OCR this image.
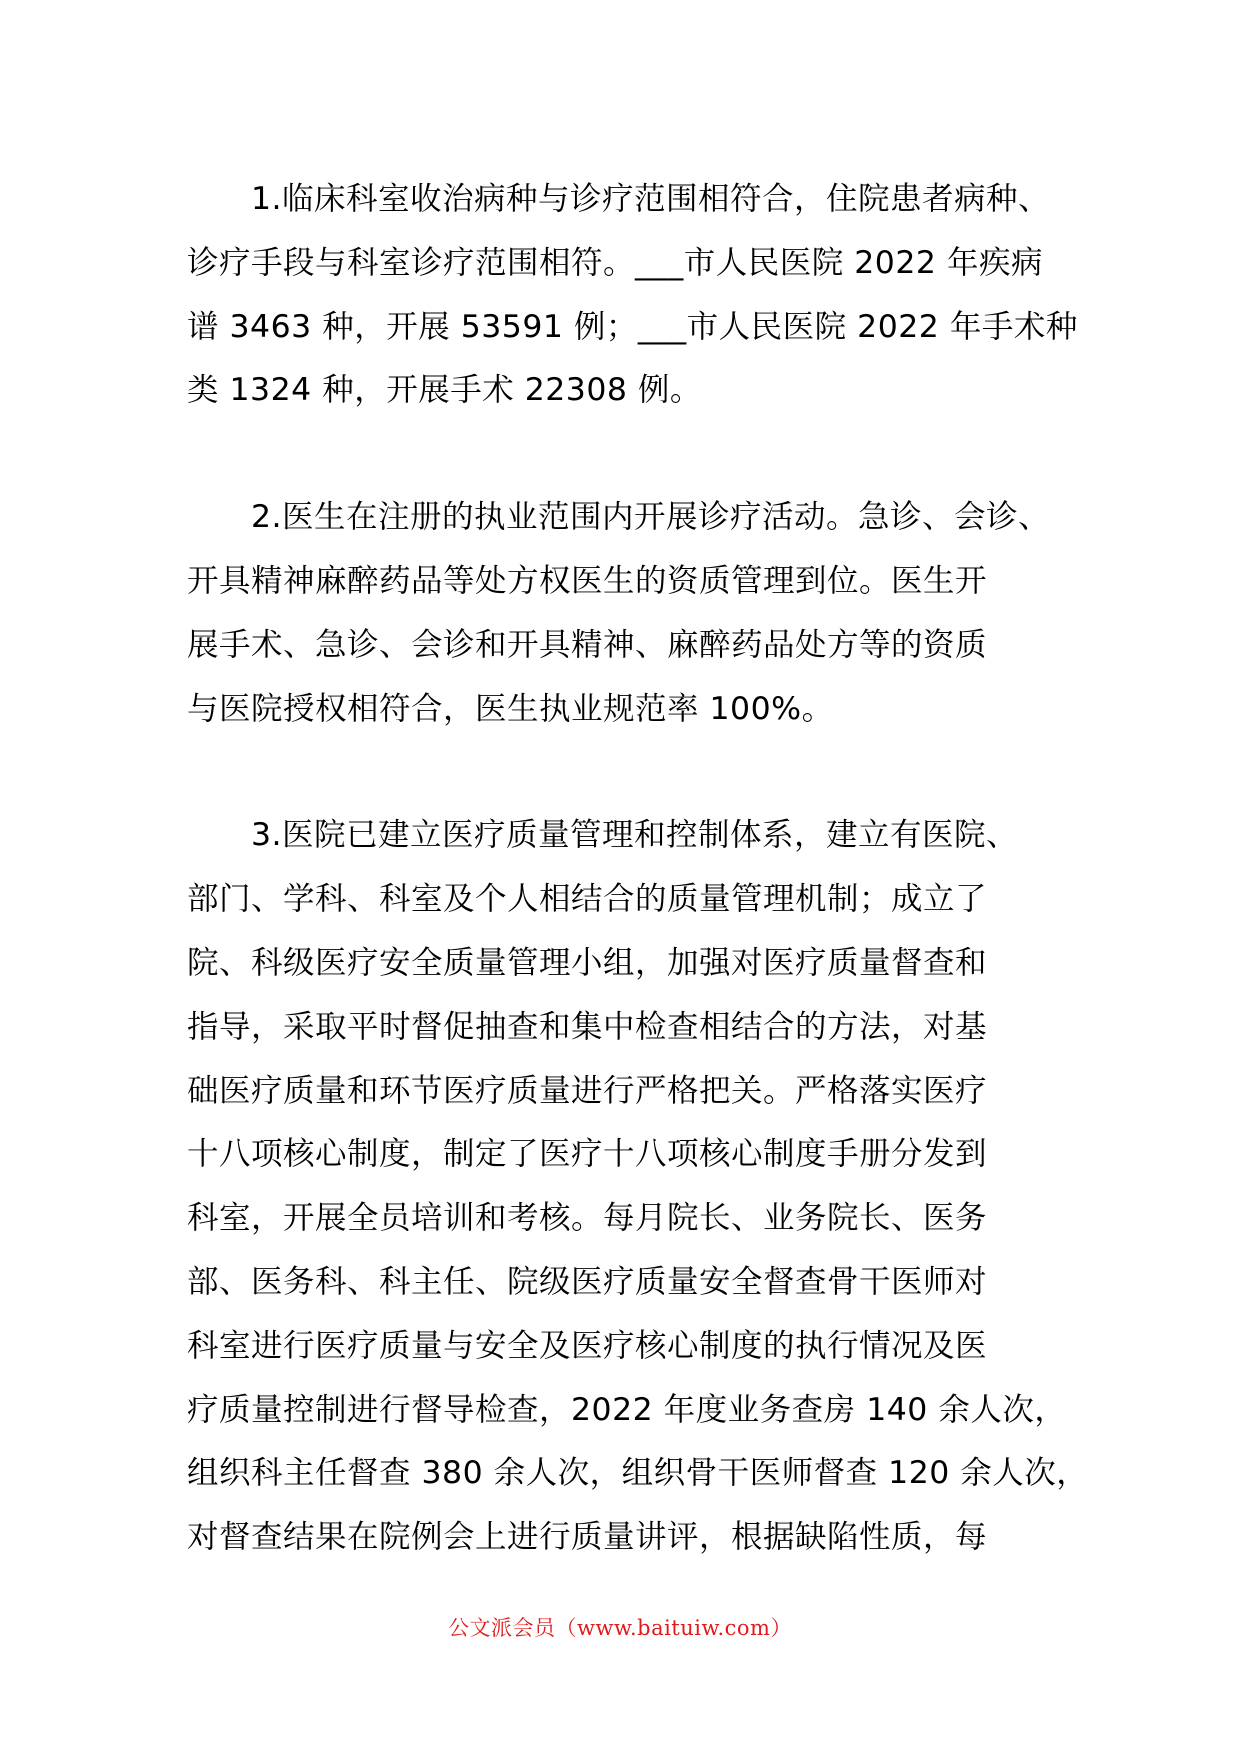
1.临床科室收治病种与诊疗范围相符合，住院患者病种、
诊疗手段与科室诊疗范围相符。___市人民医院 2022 年疾病
谱 3463 种，开展 53591 例；___市人民医院 2022 年手术种
类 1324 种，开展手术 22308 例。

2.医生在注册的执业范围内开展诊疗活动。急诊、会诊、
开具精神麻醉药品等处方权医生的资质管理到位。医生开
展手术、急诊、会诊和开具精神、麻醉药品处方等的资质
与医院授权相符合，医生执业规范率 100%。

3.医院已建立医疗质量管理和控制体系，建立有医院、
部门、学科、科室及个人相结合的质量管理机制；成立了
院、科级医疗安全质量管理小组，加强对医疗质量督查和
指导，采取平时督促抽查和集中检查相结合的方法，对基
础医疗质量和环节医疗质量进行严格把关。严格落实医疗
十八项核心制度，制定了医疗十八项核心制度手册分发到
科室，开展全员培训和考核。每月院长、业务院长、医务
部、医务科、科主任、院级医疗质量安全督查骨干医师对
科室进行医疗质量与安全及医疗核心制度的执行情况及医
疗质量控制进行督导检查，2022 年度业务查房 140 余人次，
组织科主任督查 380 余人次，组织骨干医师督查 120 余人次，
对督查结果在院例会上进行质量讲评，根据缺陷性质，每

公文派会员（www.baituiw.com）
